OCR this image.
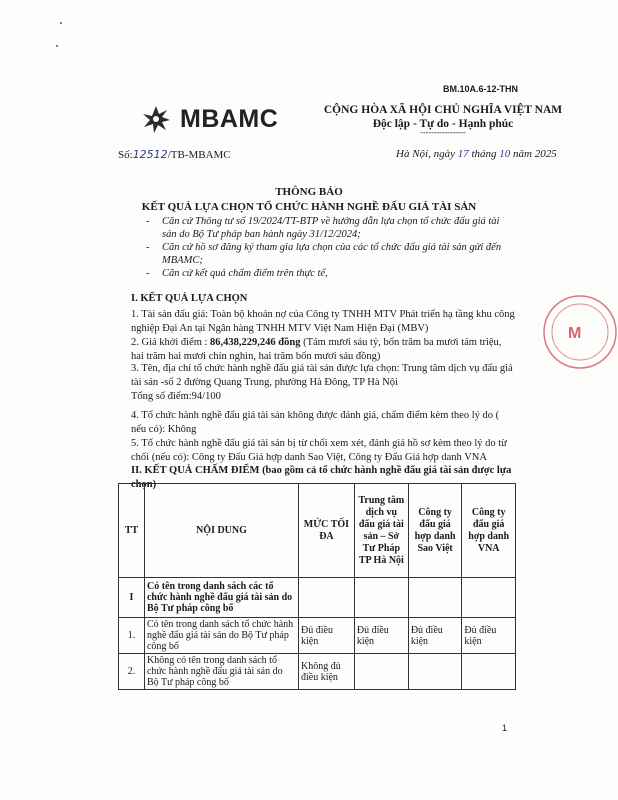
BM.10A.6-12-THN
MBAMC	CỘNG HÒA XÃ HỘI CHỦ NGHĨA VIỆT NAM
Độc lập - Tự do - Hạnh phúc
-----------------
Số:12512/TB-MBAMC	Hà Nội, ngày 17 tháng 10 năm 2025
THÔNG BÁO
KẾT QUẢ LỰA CHỌN TỔ CHỨC HÀNH NGHỀ ĐẤU GIÁ TÀI SẢN
- Căn cứ Thông tư số 19/2024/TT-BTP về hướng dẫn lựa chọn tổ chức đấu giá tài sản do Bộ Tư pháp ban hành ngày 31/12/2024;
- Căn cứ hồ sơ đăng ký tham gia lựa chọn của các tổ chức đấu giá tài sản gửi đến MBAMC;
- Căn cứ kết quả chấm điểm trên thực tế,
I. KẾT QUẢ LỰA CHỌN
1. Tài sản đấu giá: Toàn bộ khoản nợ của Công ty TNHH MTV Phát triển hạ tầng khu công nghiệp Đại An tại Ngân hàng TNHH MTV Việt Nam Hiện Đại (MBV)
2. Giá khởi điểm : 86,438,229,246 đồng (Tám mươi sáu tỷ, bốn trăm ba mươi tám triệu, hai trăm hai mươi chín nghìn, hai trăm bốn mươi sáu đồng)
3. Tên, địa chỉ tổ chức hành nghề đấu giá tài sản được lựa chọn: Trung tâm dịch vụ đấu giá tài sản -số 2 đường Quang Trung, phường Hà Đông, TP Hà Nội
Tổng số điểm:94/100
4. Tổ chức hành nghề đấu giá tài sản không được đánh giá, chấm điểm kèm theo lý do ( nếu có): Không
5. Tổ chức hành nghề đấu giá tài sản bị từ chối xem xét, đánh giá hồ sơ kèm theo lý do từ chối (nếu có): Công ty Đấu Giá hợp danh Sao Việt, Công ty Đấu Giá hợp danh VNA
II. KẾT QUẢ CHẤM ĐIỂM (bao gồm cả tổ chức hành nghề đấu giá tài sản được lựa chọn)
TT	NỘI DUNG	MỨC TỐI ĐA	Trung tâm dịch vụ đấu giá tài sản – Sở Tư Pháp TP Hà Nội	Công ty đấu giá hợp danh Sao Việt	Công ty đấu giá hợp danh VNA
I	Có tên trong danh sách các tổ chức hành nghề đấu giá tài sản do Bộ Tư pháp công bố				
1.	Có tên trong danh sách tổ chức hành nghề đấu giá tài sản do Bộ Tư pháp công bố	Đủ điều kiện	Đủ điều kiện	Đủ điều kiện	Đủ điều kiện
2.	Không có tên trong danh sách tổ chức hành nghề đấu giá tài sản do Bộ Tư pháp công bố	Không đủ điều kiện			
1
M
